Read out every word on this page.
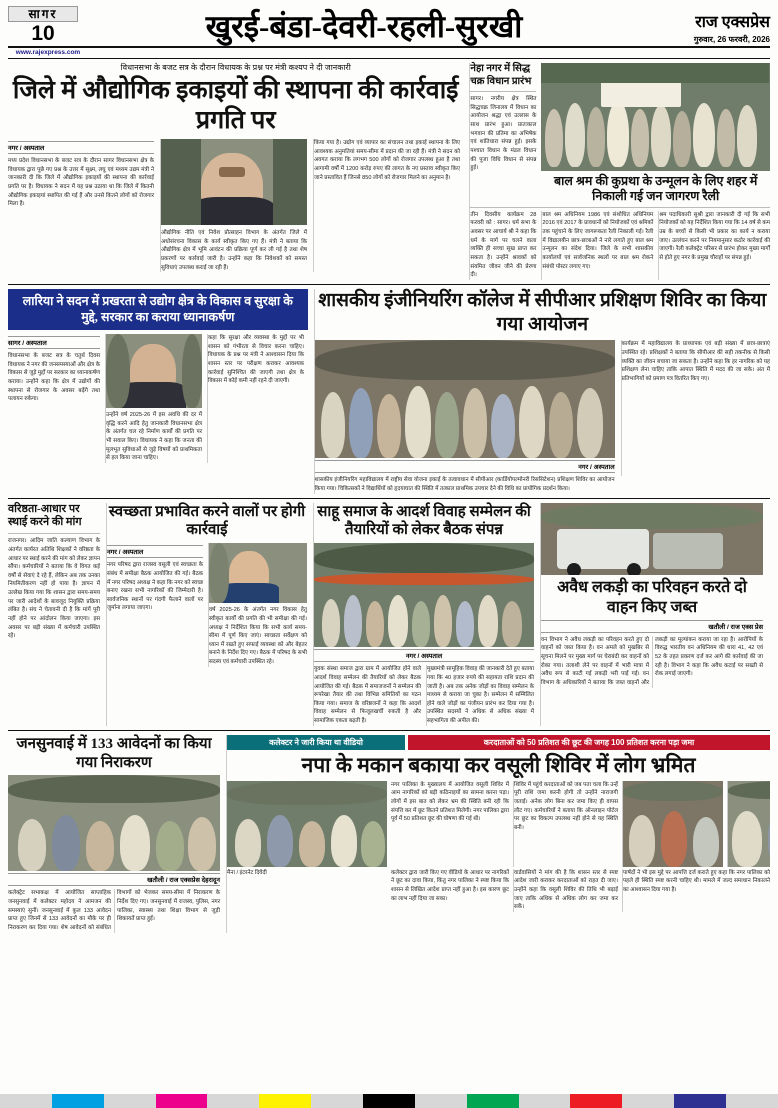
सागर
10	खुरई-बंडा-देवरी-रहली-सुरखी	राज एक्सप्रेस
गुरुवार, 26 फरवरी, 2026
www.rajexpress.com
विधानसभा के बजट सत्र के दौरान विधायक के प्रश्न पर मंत्री कश्यप ने दी जानकारी
जिले में औद्योगिक इकाइयों की स्थापना की कार्रवाई प्रगति पर
नगर / अस्पताल
मध्य प्रदेश विधानसभा के बजट सत्र के दौरान सागर विधानसभा क्षेत्र के विधायक द्वारा पूछे गए प्रश्न के उत्तर में सूक्ष्म, लघु एवं मध्यम उद्यम मंत्री ने जानकारी दी कि जिले में औद्योगिक इकाइयों की स्थापना की कार्रवाई प्रगति पर है। विधायक ने सदन में यह प्रश्न उठाया था कि जिले में कितनी औद्योगिक इकाइयां स्थापित की गई हैं और उनसे कितने लोगों को रोजगार मिला है।
औद्योगिक नीति एवं निवेश प्रोत्साहन विभाग के अंतर्गत जिले में अधोसंरचना विकास के कार्य स्वीकृत किए गए हैं। मंत्री ने बताया कि औद्योगिक क्षेत्र में भूमि आवंटन की प्रक्रिया पूर्ण कर ली गई है तथा शेष प्रकरणों पर कार्रवाई जारी है। उन्होंने कहा कि निवेशकों को समस्त सुविधाएं उपलब्ध कराई जा रही हैं।
किया गया है। उद्योग एवं व्यापार का संचालन तथा इकाई स्थापना के लिए आवश्यक अनुमतियां समय-सीमा में प्रदान की जा रही हैं। मंत्री ने सदन को अवगत कराया कि लगभग 500 लोगों को रोजगार उपलब्ध हुआ है तथा आगामी वर्षों में 1200 करोड़ रुपए की लागत के नए प्रस्ताव स्वीकृत किए जाने प्रस्तावित हैं जिनसे 850 लोगों को रोजगार मिलने का अनुमान है।
नेहा नगर में सिद्ध चक्र विधान प्रारंभ
सागर। नगरीय क्षेत्र स्थित सिद्धचक्र जिनालय में विधान का आयोजन श्रद्धा एवं उल्लास के साथ प्रारंभ हुआ। प्रातःकाल भगवान की प्रतिमा का अभिषेक एवं शांतिधारा संपन्न हुई। इसके पश्चात विधान के मंडल विधान की पूजा विधि विधान से संपन्न हुई।
बाल श्रम की कुप्रथा के उन्मूलन के लिए शहर में निकाली गई जन जागरण रैली
तीन दिवसीय कार्यक्रम 28 फरवरी को : सागर। धर्म सभा के अवसर पर आचार्य श्री ने कहा कि धर्म के मार्ग पर चलने वाला व्यक्ति ही सच्चा सुख प्राप्त कर सकता है। उन्होंने श्रावकों को संयमित जीवन जीने की प्रेरणा दी।
बाल श्रम अधिनियम 1986 एवं संशोधित अधिनियम 2016 एवं 2017 के प्रावधानों को नियोजकों एवं श्रमिकों तक पहुंचाने के लिए जागरूकता रैली निकाली गई। रैली में विद्यालयीन छात्र-छात्राओं ने नारे लगाते हुए बाल श्रम उन्मूलन का संदेश दिया। जिले के सभी शासकीय कार्यालयों एवं सार्वजनिक स्थलों पर बाल श्रम रोकने संबंधी पोस्टर लगाए गए।
श्रम पदाधिकारी सुश्री द्वारा जानकारी दी गई कि सभी नियोजकों को यह निर्देशित किया गया कि 14 वर्ष से कम उम्र के बच्चों से किसी भी प्रकार का कार्य न कराया जाए। उल्लंघन करने पर नियमानुसार कठोर कार्रवाई की जाएगी। रैली कलेक्ट्रेट परिसर से प्रारंभ होकर मुख्य मार्गों से होते हुए नगर के प्रमुख चौराहों पर संपन्न हुई।
लारिया ने सदन में प्रखरता से उद्योग क्षेत्र के विकास व सुरक्षा के मुद्दे, सरकार का कराया ध्यानाकर्षण
सागर / अस्पताल
विधानसभा के बजट सत्र के चतुर्थ दिवस विधायक ने नगर की जनसमस्याओं और क्षेत्र के विकास से जुड़े मुद्दों पर सरकार का ध्यानाकर्षण कराया। उन्होंने कहा कि क्षेत्र में उद्योगों की स्थापना से रोजगार के अवसर बढ़ेंगे तथा पलायन रुकेगा।
उन्होंने वर्ष 2025-26 में इस अवधि की दर में वृद्धि करने आदि हेतु जानकारी विधानसभा क्षेत्र के अंतर्गत चल रहे निर्माण कार्यों की प्रगति पर भी सवाल किए। विधायक ने कहा कि जनता की मूलभूत सुविधाओं से जुड़े विषयों को प्राथमिकता से हल किया जाना चाहिए।
कहा कि सुरक्षा और व्यवस्था के मुद्दों पर भी शासन को गंभीरता से विचार करना चाहिए। विधायक के प्रश्न पर मंत्री ने आश्वासन दिया कि शासन स्तर पर परीक्षण कराकर आवश्यक कार्रवाई सुनिश्चित की जाएगी तथा क्षेत्र के विकास में कोई कमी नहीं रहने दी जाएगी।
शासकीय इंजीनियरिंग कॉलेज में सीपीआर प्रशिक्षण शिविर का किया गया आयोजन
नगर / अस्पताल
कार्यक्रम में महाविद्यालय के प्राध्यापक एवं बड़ी संख्या में छात्र-छात्राएं उपस्थित रहे। प्रशिक्षकों ने बताया कि सीपीआर की सही तकनीक से किसी व्यक्ति का जीवन बचाया जा सकता है। उन्होंने कहा कि हर नागरिक को यह प्रशिक्षण लेना चाहिए ताकि आपात स्थिति में मदद की जा सके। अंत में प्रतिभागियों को प्रमाण पत्र वितरित किए गए।
शासकीय इंजीनियरिंग महाविद्यालय में राष्ट्रीय सेवा योजना इकाई के तत्वावधान में सीपीआर (कार्डियोपल्मोनरी रिससिटेशन) प्रशिक्षण शिविर का आयोजन किया गया। चिकित्सकों ने विद्यार्थियों को हृदयाघात की स्थिति में तत्काल प्राथमिक उपचार देने की विधि का प्रायोगिक प्रदर्शन किया।
वरिष्ठता-आधार पर स्थाई करने की मांग
राजनगर। आदिम जाति कल्याण विभाग के अंतर्गत कार्यरत अतिथि शिक्षकों ने वरिष्ठता के आधार पर स्थाई करने की मांग को लेकर ज्ञापन सौंपा। कर्मचारियों ने बताया कि वे विगत कई वर्षों से सेवाएं दे रहे हैं, लेकिन अब तक उनका नियमितीकरण नहीं हो पाया है। ज्ञापन में उल्लेख किया गया कि शासन द्वारा समय-समय पर जारी आदेशों के बावजूद नियुक्ति प्रक्रिया लंबित है। संघ ने चेतावनी दी है कि मांगें पूरी नहीं होने पर आंदोलन किया जाएगा। इस अवसर पर बड़ी संख्या में कर्मचारी उपस्थित रहे।
स्वच्छता प्रभावित करने वालों पर होगी कार्रवाई
नगर / अस्पताल
नगर परिषद द्वारा राजस्व वसूली एवं स्वच्छता के संबंध में समीक्षा बैठक आयोजित की गई। बैठक में नगर परिषद अध्यक्ष ने कहा कि नगर को स्वच्छ बनाए रखना सभी नागरिकों की जिम्मेदारी है। सार्वजनिक स्थानों पर गंदगी फैलाने वालों पर जुर्माना लगाया जाएगा।	वर्ष 2025-26 के अंतर्गत नगर विकास हेतु स्वीकृत कार्यों की प्रगति की भी समीक्षा की गई। अध्यक्ष ने निर्देशित किया कि सभी कार्य समय-सीमा में पूर्ण किए जाएं। स्वच्छता सर्वेक्षण को ध्यान में रखते हुए सफाई व्यवस्था को और बेहतर बनाने के निर्देश दिए गए। बैठक में परिषद के सभी सदस्य एवं कर्मचारी उपस्थित रहे।
साहू समाज के आदर्श विवाह सम्मेलन की तैयारियों को लेकर बैठक संपन्न
नगर / अस्पताल
युवक संस्था समाज द्वारा ग्राम में आयोजित होने वाले आदर्श विवाह सम्मेलन की तैयारियों को लेकर बैठक आयोजित की गई। बैठक में समाजजनों ने सम्मेलन की रूपरेखा तैयार की तथा विभिन्न समितियों का गठन किया गया। समाज के वरिष्ठजनों ने कहा कि आदर्श विवाह सम्मेलन से फिजूलखर्ची रुकती है और सामाजिक एकता बढ़ती है।
मुख्यमंत्री सामूहिक विवाह की जानकारी देते हुए बताया गया कि 40 हजार रुपये की सहायता राशि प्रदान की जाती है। अब तक अनेक जोड़ों का विवाह सम्मेलन के माध्यम से कराया जा चुका है। सम्मेलन में सम्मिलित होने वाले जोड़ों का पंजीयन प्रारंभ कर दिया गया है। उपस्थित सदस्यों ने अधिक से अधिक संख्या में सहभागिता की अपील की।
अवैध लकड़ी का परिवहन करते दो वाहन किए जब्त
खतौली / राज एक्स प्रेस
वन विभाग ने अवैध लकड़ी का परिवहन करते हुए दो वाहनों को जब्त किया है। वन अमले को मुखबिर से सूचना मिलने पर मुख्य मार्ग पर घेराबंदी कर वाहनों को रोका गया। तलाशी लेने पर वाहनों में भारी मात्रा में अवैध रूप से काटी गई लकड़ी भरी पाई गई। वन विभाग के अधिकारियों ने बताया कि जब्त वाहनों और लकड़ी का मूल्यांकन कराया जा रहा है। आरोपियों के विरुद्ध भारतीय वन अधिनियम की धारा 41, 42 एवं 52 के तहत प्रकरण दर्ज कर आगे की कार्रवाई की जा रही है। विभाग ने कहा कि अवैध कटाई पर सख्ती से रोक लगाई जाएगी।
जनसुनवाई में 133 आवेदनों का किया गया निराकरण
खतौली / राज एक्सप्रेस देहरादून
कलेक्ट्रेट सभाकक्ष में आयोजित साप्ताहिक जनसुनवाई में कलेक्टर महोदय ने आमजन की समस्याएं सुनीं। जनसुनवाई में कुल 133 आवेदन प्राप्त हुए जिनमें से 133 आवेदनों का मौके पर ही निराकरण कर दिया गया। शेष आवेदनों को संबंधित विभागों को भेजकर समय-सीमा में निराकरण के निर्देश दिए गए। जनसुनवाई में राजस्व, पुलिस, नगर पालिका, स्वास्थ्य तथा शिक्षा विभाग से जुड़ी शिकायतें प्राप्त हुईं।
कलेक्टर ने जारी किया था वीडियो	करदाताओं को 50 प्रतिशत की छूट की जगह 100 प्रतिशत करना पड़ा जमा
नपा के मकान बकाया कर वसूली शिविर में लोग भ्रमित
नगर पालिका के मुख्यालय में आयोजित वसूली शिविर में आम नागरिकों को बड़ी कठिनाइयों का सामना करना पड़ा। लोगों में इस बात को लेकर भ्रम की स्थिति बनी रही कि संपत्ति कर में छूट कितने प्रतिशत मिलेगी। नगर पालिका द्वारा पूर्व में 50 प्रतिशत छूट की घोषणा की गई थी।
शिविर में पहुंचे करदाताओं को जब पता चला कि उन्हें पूरी राशि जमा करनी होगी तो उन्होंने नाराजगी जताई। अनेक लोग बिना कर जमा किए ही वापस लौट गए। कर्मचारियों ने बताया कि ऑनलाइन पोर्टल पर छूट का विकल्प उपलब्ध नहीं होने से यह स्थिति बनी।
मैना / इंटरनेट दिवेदी	कलेक्टर द्वारा जारी किए गए वीडियो के आधार पर नागरिकों ने छूट का दावा किया, किंतु नगर पालिका ने स्पष्ट किया कि शासन से लिखित आदेश प्राप्त नहीं हुआ है। इस कारण छूट का लाभ नहीं दिया जा सका।
वार्डवासियों ने मांग की है कि शासन स्तर से स्पष्ट आदेश जारी कराकर करदाताओं को राहत दी जाए। उन्होंने कहा कि वसूली शिविर की तिथि भी बढ़ाई जाए ताकि अधिक से अधिक लोग कर जमा कर सकें।
पार्षदों ने भी इस मुद्दे पर आपत्ति दर्ज कराते हुए कहा कि नगर पालिका को पहले ही स्थिति स्पष्ट करनी चाहिए थी। मामले में जल्द समाधान निकालने का आश्वासन दिया गया है।
